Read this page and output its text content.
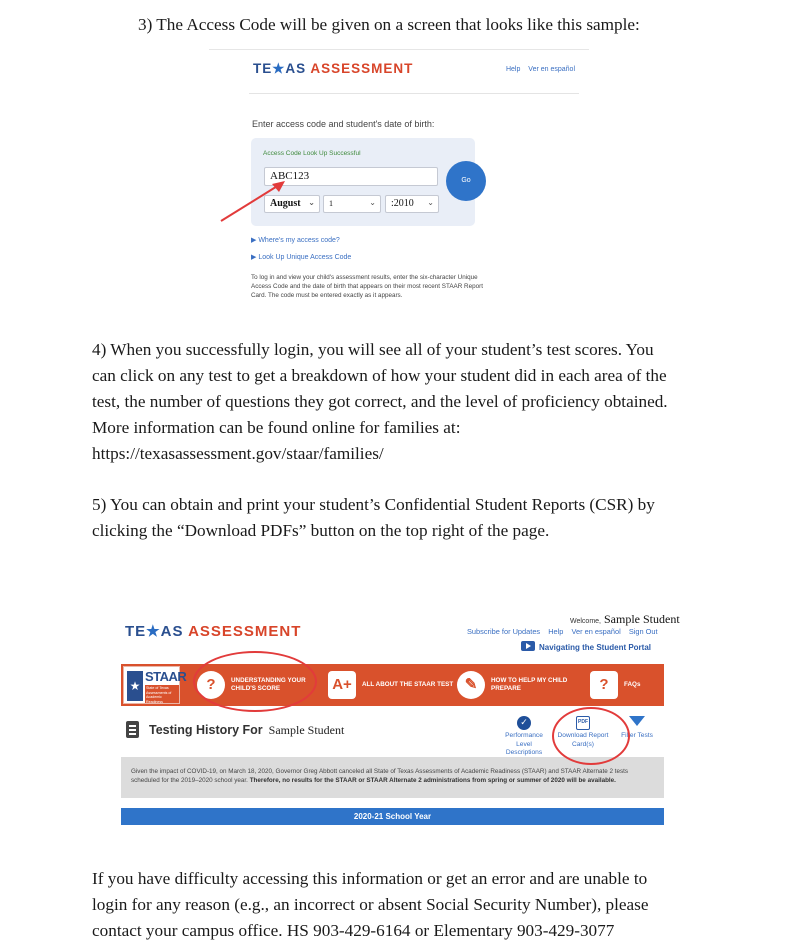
3) The Access Code will be given on a screen that looks like this sample:

TE★AS ASSESSMENT	Help Ver en español
Enter access code and student's date of birth:
Access Code Look Up Successful
ABC123
August ⌄	1	⌄	:2010 ⌄
Go
▶ Where's my access code?
▶ Look Up Unique Access Code
To log in and view your child's assessment results, enter the six-character Unique Access Code and the date of birth that appears on their most recent STAAR Report Card. The code must be entered exactly as it appears.
4) When you successfully login, you will see all of your student’s test scores. You
can click on any test to get a breakdown of how your student did in each area of the
test, the number of questions they got correct, and the level of proficiency obtained.
More information can be found online for families at:
https://texasassessment.gov/staar/families/
5) You can obtain and print your student’s Confidential Student Reports (CSR) by
clicking the “Download PDFs” button on the top right of the page.
Welcome, Sample Student
TE★AS ASSESSMENT	Subscribe for Updates Help Ver en español Sign Out
Navigating the Student Portal
★
STAAR
State of Texas Assessments of Academic Readiness
?	UNDERSTANDING YOUR
CHILD'S SCORE	A+	ALL ABOUT THE STAAR TEST ✎	HOW TO HELP MY CHILD
PREPARE	?	FAQs
Testing History For Sample Student	✓
Performance
Level Descriptions
PDF
Download Report
Card(s)
Filter Tests
Given the impact of COVID-19, on March 18, 2020, Governor Greg Abbott canceled all State of Texas Assessments of Academic Readiness (STAAR) and STAAR Alternate 2 tests scheduled for the 2019–2020 school year. Therefore, no results for the STAAR or STAAR Alternate 2 administrations from spring or summer of 2020 will be available.
2020-21 School Year
If you have difficulty accessing this information or get an error and are unable to
login for any reason (e.g., an incorrect or absent Social Security Number), please
contact your campus office. HS 903-429-6164 or Elementary 903-429-3077
